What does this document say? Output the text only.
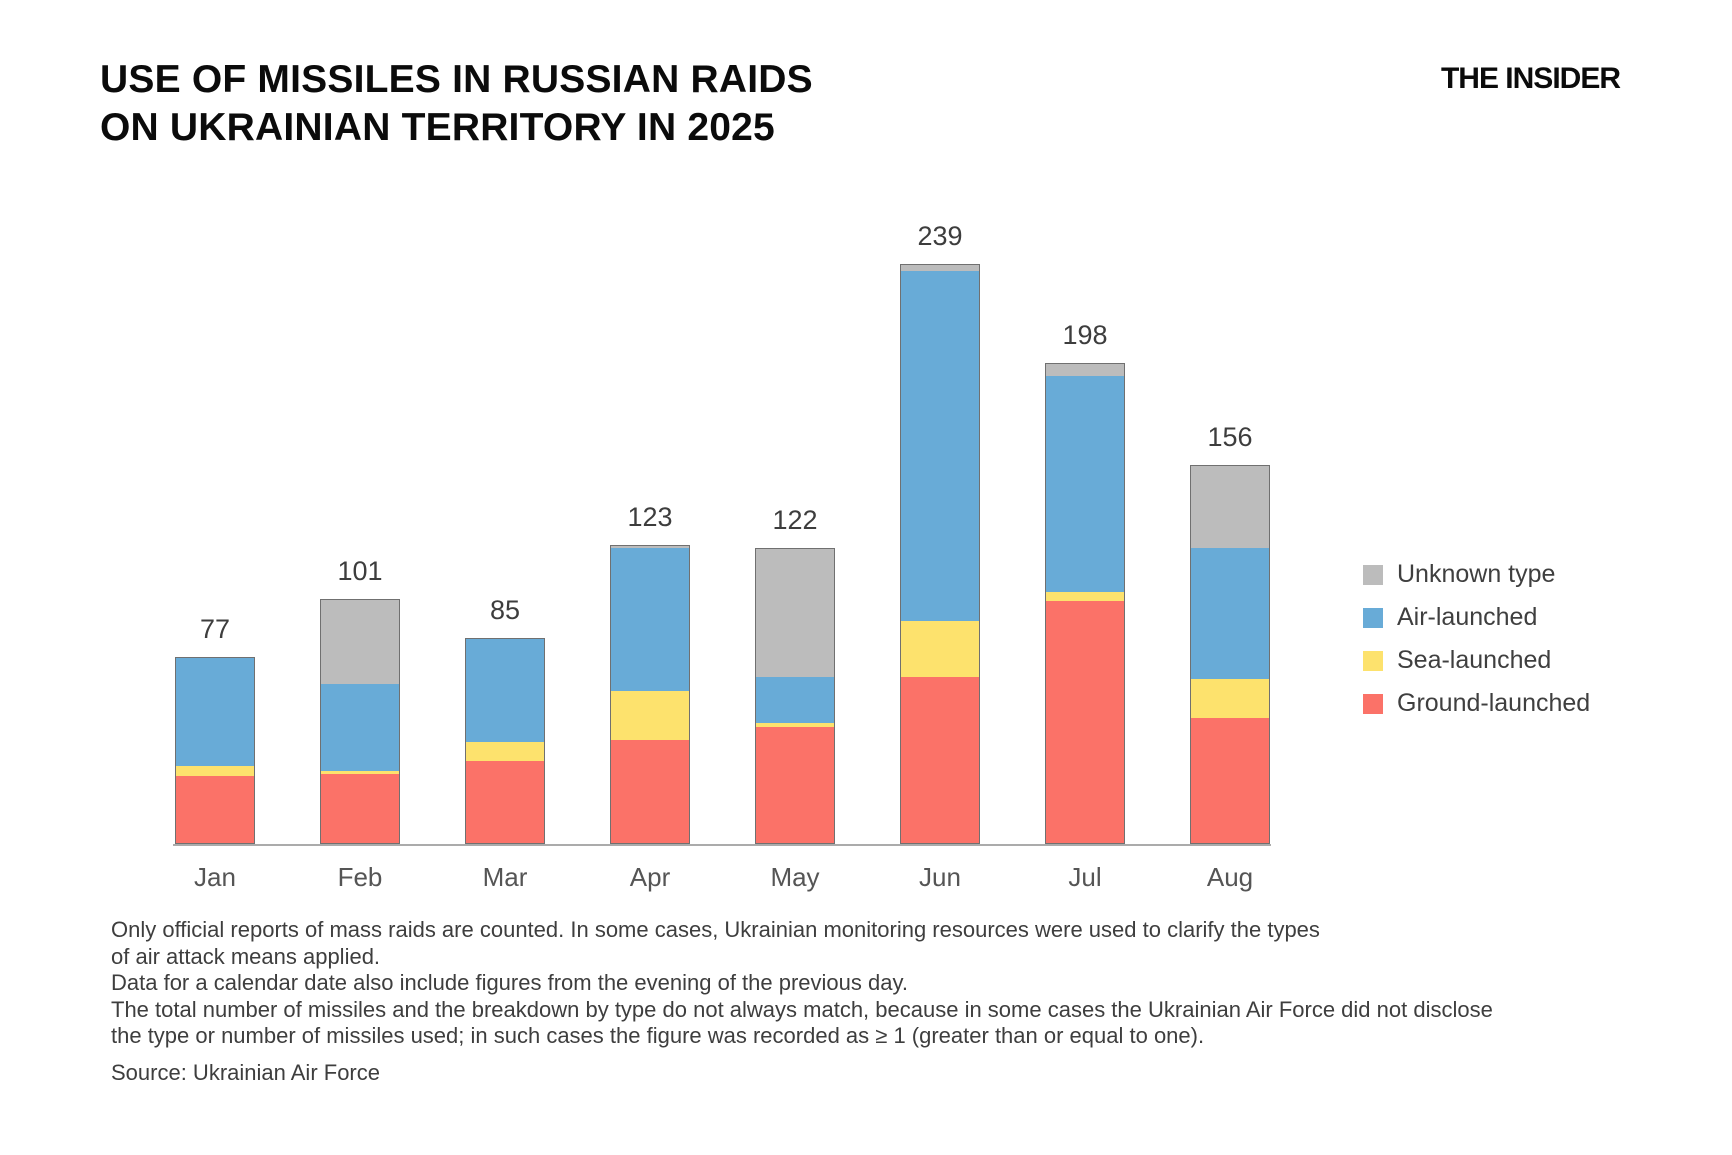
USE OF MISSILES IN RUSSIAN RAIDS
ON UKRAINIAN TERRITORY IN 2025
THE INSIDER
77
Jan
101
Feb
85
Mar
123
Apr
122
May
239
Jun
198
Jul
156
Aug
Unknown type
Air-launched
Sea-launched
Ground-launched
Only official reports of mass raids are counted. In some cases, Ukrainian monitoring resources were used to clarify the types
of air attack means applied.
Data for a calendar date also include figures from the evening of the previous day.
The total number of missiles and the breakdown by type do not always match, because in some cases the Ukrainian Air Force did not disclose
the type or number of missiles used; in such cases the figure was recorded as ≥ 1 (greater than or equal to one).
Source: Ukrainian Air Force
